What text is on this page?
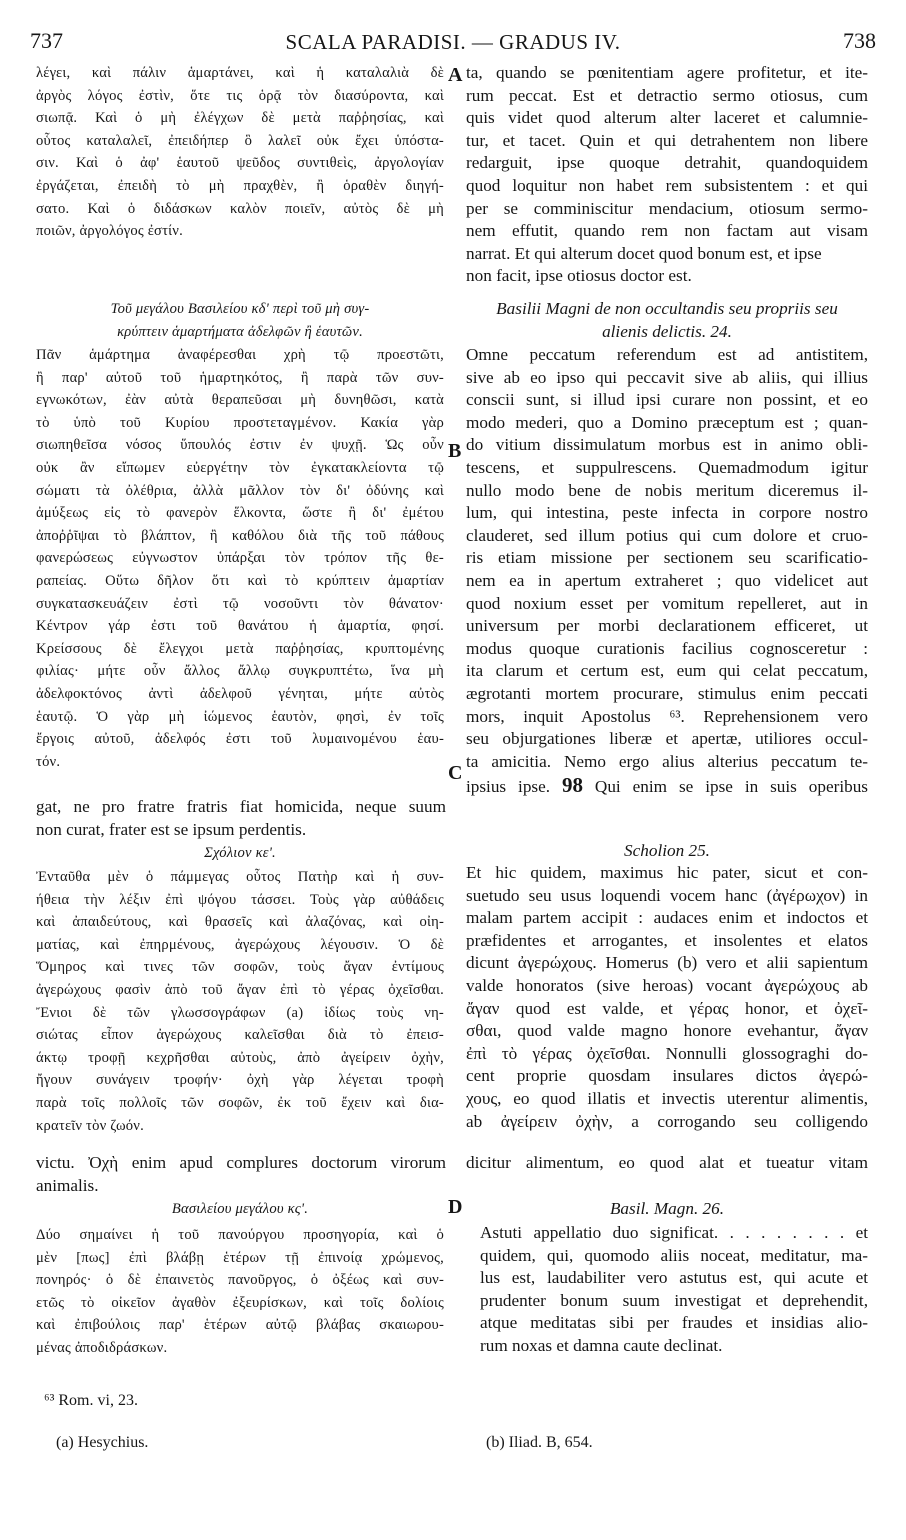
737	SCALA PARADISI. — GRADUS IV.	738
λέγει, καὶ πάλιν ἁμαρτάνει, καὶ ἡ καταλαλιὰ δὲ
ἀργὸς λόγος ἐστὶν, ὅτε τις ὁρᾷ τὸν διασύροντα, καὶ
σιωπᾷ. Καὶ ὁ μὴ ἐλέγχων δὲ μετὰ παῤῥησίας, καὶ
οὗτος καταλαλεῖ, ἐπειδήπερ ὃ λαλεῖ οὐκ ἔχει ὑπόστα-
σιν. Καὶ ὁ ἀφ' ἑαυτοῦ ψεῦδος συντιθεὶς, ἀργολογίαν
ἐργάζεται, ἐπειδὴ τὸ μὴ πραχθὲν, ἢ ὁραθὲν διηγή-
σατο. Καὶ ὁ διδάσκων καλὸν ποιεῖν, αὐτὸς δὲ μὴ
ποιῶν, ἀργολόγος ἐστίν.
ta, quando se pœnitentiam agere profitetur, et ite-
rum peccat. Est et detractio sermo otiosus, cum
quis videt quod alterum alter laceret et calumnie-
tur, et tacet. Quin et qui detrahentem non libere
redarguit, ipse quoque detrahit, quandoquidem
quod loquitur non habet rem subsistentem : et qui
per se comminiscitur mendacium, otiosum sermo-
nem effutit, quando rem non factam aut visam
narrat. Et qui alterum docet quod bonum est, et ipse
non facit, ipse otiosus doctor est.
Τοῦ μεγάλου Βασιλείου κδ' περὶ τοῦ μὴ συγ-
κρύπτειν ἁμαρτήματα ἀδελφῶν ἢ ἑαυτῶν.
Basilii Magni de non occultandis seu propriis seu
alienis delictis. 24.
Πᾶν ἁμάρτημα ἀναφέρεσθαι χρὴ τῷ προεστῶτι,
ἢ παρ' αὐτοῦ τοῦ ἡμαρτηκότος, ἢ παρὰ τῶν συν-
εγνωκότων, ἐὰν αὐτὰ θεραπεῦσαι μὴ δυνηθῶσι, κατὰ
τὸ ὑπὸ τοῦ Κυρίου προστεταγμένον. Κακία γὰρ
σιωπηθεῖσα νόσος ὕπουλός ἐστιν ἐν ψυχῇ. Ὡς οὖν
οὐκ ἂν εἴπωμεν εὐεργέτην τὸν ἐγκατακλείοντα τῷ
σώματι τὰ ὀλέθρια, ἀλλὰ μᾶλλον τὸν δι' ὀδύνης καὶ
ἀμύξεως εἰς τὸ φανερὸν ἕλκοντα, ὥστε ἢ δι' ἐμέτου
ἀποῤῥῖψαι τὸ βλάπτον, ἢ καθόλου διὰ τῆς τοῦ πάθους
φανερώσεως εὐγνωστον ὑπάρξαι τὸν τρόπον τῆς θε-
ραπείας. Οὕτω δῆλον ὅτι καὶ τὸ κρύπτειν ἁμαρτίαν
συγκατασκευάζειν ἐστὶ τῷ νοσοῦντι τὸν θάνατον·
Κέντρον γάρ ἐστι τοῦ θανάτου ἡ ἁμαρτία, φησί.
Κρείσσους δὲ ἔλεγχοι μετὰ παῤῥησίας, κρυπτομένης
φιλίας· μήτε οὖν ἄλλος ἄλλῳ συγκρυπτέτω, ἵνα μὴ
ἀδελφοκτόνος ἀντὶ ἀδελφοῦ γένηται, μήτε αὐτὸς
ἑαυτῷ. Ὁ γὰρ μὴ ἰώμενος ἑαυτὸν, φησὶ, ἐν τοῖς
ἔργοις αὐτοῦ, ἀδελφός ἐστι τοῦ λυμαινομένου ἑαυ-
τόν.
Omne peccatum referendum est ad antistitem,
sive ab eo ipso qui peccavit sive ab aliis, qui illius
conscii sunt, si illud ipsi curare non possint, et eo
modo mederi, quo a Domino præceptum est ; quan-
do vitium dissimulatum morbus est in animo obli-
tescens, et suppulrescens. Quemadmodum igitur
nullo modo bene de nobis meritum diceremus il-
lum, qui intestina, peste infecta in corpore nostro
clauderet, sed illum potius qui cum dolore et cruo-
ris etiam missione per sectionem seu scarificatio-
nem ea in apertum extraheret ; quo videlicet aut
quod noxium esset per vomitum repelleret, aut in
universum per morbi declarationem efficeret, ut
modus quoque curationis facilius cognosceretur :
ita clarum et certum est, eum qui celat peccatum,
ægrotanti mortem procurare, stimulus enim peccati
mors, inquit Apostolus ⁶³. Reprehensionem vero
seu objurgationes liberæ et apertæ, utiliores occul-
ta amicitia. Nemo ergo alius alterius peccatum te-
ipsius ipse. 98 Qui enim se ipse in suis operibus
gat, ne pro fratre fratris fiat homicida, neque suum
non curat, frater est se ipsum perdentis.
Σχόλιον κε'.	Scholion 25.
Ἐνταῦθα μὲν ὁ πάμμεγας οὗτος Πατὴρ καὶ ἡ συν-
ήθεια τὴν λέξιν ἐπὶ ψόγου τάσσει. Τοὺς γὰρ αὐθάδεις
καὶ ἀπαιδεύτους, καὶ θρασεῖς καὶ ἀλαζόνας, καὶ οἰη-
ματίας, καὶ ἐπηρμένους, ἀγερώχους λέγουσιν. Ὁ δὲ
Ὅμηρος καὶ τινες τῶν σοφῶν, τοὺς ἄγαν ἐντίμους
ἀγερώχους φασὶν ἀπὸ τοῦ ἄγαν ἐπὶ τὸ γέρας ὀχεῖσθαι.
Ἔνιοι δὲ τῶν γλωσσογράφων (a) ἰδίως τοὺς νη-
σιώτας εἶπον ἀγερώχους καλεῖσθαι διὰ τὸ ἐπεισ-
άκτῳ τροφῇ κεχρῆσθαι αὐτοὺς, ἀπὸ ἀγείρειν ὀχὴν,
ἤγουν συνάγειν τροφήν· ὀχὴ γὰρ λέγεται τροφὴ
παρὰ τοῖς πολλοῖς τῶν σοφῶν, ἐκ τοῦ ἔχειν καὶ δια-
κρατεῖν τὸν ζωόν.
Et hic quidem, maximus hic pater, sicut et con-
suetudo seu usus loquendi vocem hanc (ἀγέρωχον) in
malam partem accipit : audaces enim et indoctos et
præfidentes et arrogantes, et insolentes et elatos
dicunt ἀγερώχους. Homerus (b) vero et alii sapientum
valde honoratos (sive heroas) vocant ἀγερώχους ab
ἄγαν quod est valde, et γέρας honor, et ὀχεῖ-
σθαι, quod valde magno honore evehantur, ἄγαν
ἐπὶ τὸ γέρας ὀχεῖσθαι. Nonnulli glossograghi do-
cent proprie quosdam insulares dictos ἀγερώ-
χους, eo quod illatis et invectis uterentur alimentis,
ab ἀγείρειν ὀχὴν, a corrogando seu colligendo
dicitur alimentum, eo quod alat et tueatur vitam
victu. Ὀχὴ enim apud complures doctorum virorum
animalis.
Βασιλείου μεγάλου κς'.	Basil. Magn. 26.
Δύο σημαίνει ἡ τοῦ πανούργου προσηγορία, καὶ ὁ
μὲν [πως] ἐπὶ βλάβῃ ἑτέρων τῇ ἐπινοίᾳ χρώμενος,
πονηρός· ὁ δὲ ἐπαινετὸς πανοῦργος, ὁ ὀξέως καὶ συν-
ετῶς τὸ οἰκεῖον ἀγαθὸν ἐξευρίσκων, καὶ τοῖς δολίοις
καὶ ἐπιβούλοις παρ' ἑτέρων αὐτῷ βλάβας σκαιωρου-
μένας ἀποδιδράσκων.
Astuti appellatio duo significat. . . . . . . . . et
quidem, qui, quomodo aliis noceat, meditatur, ma-
lus est, laudabiliter vero astutus est, qui acute et
prudenter bonum suum investigat et deprehendit,
atque meditatas sibi per fraudes et insidias alio-
rum noxas et damna caute declinat.
A
B
C
D
⁶³ Rom. vi, 23.
(a) Hesychius.	(b) Iliad. B, 654.
